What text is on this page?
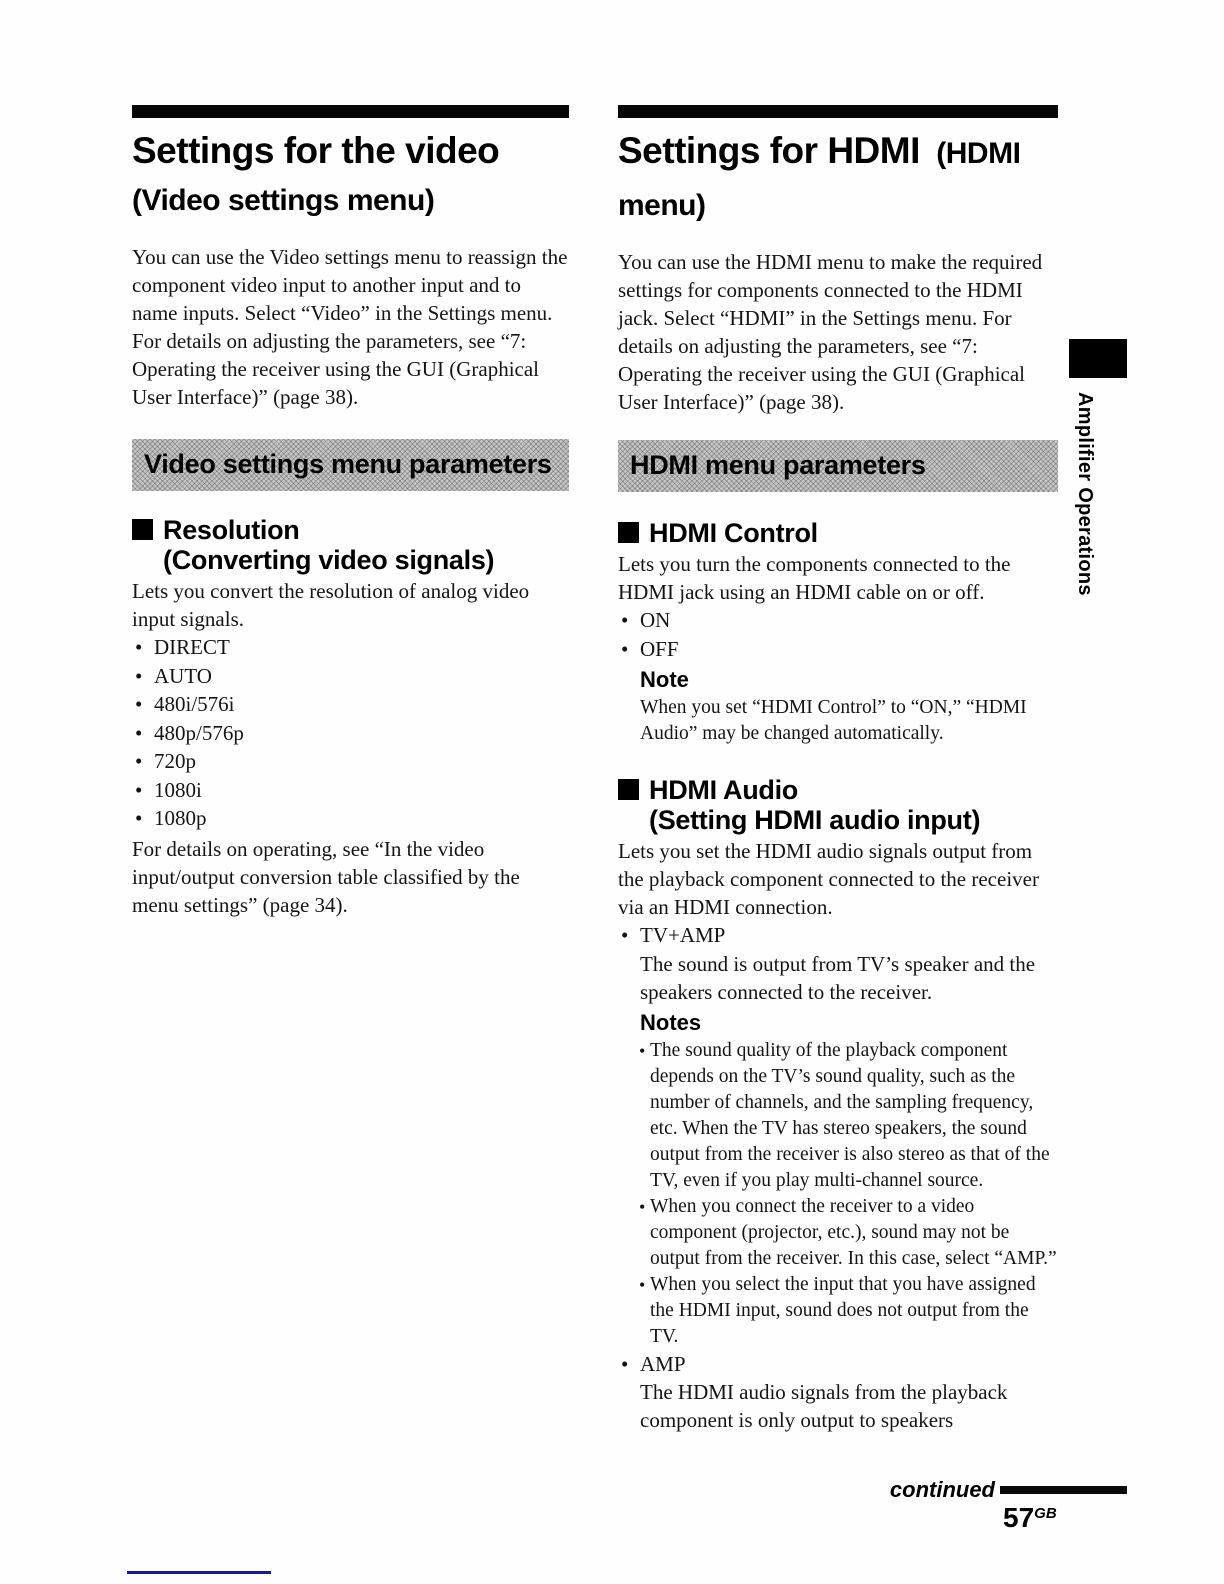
Settings for the video
(Video settings menu)

You can use the Video settings menu to reassign the component video input to another input and to name inputs. Select “Video” in the Settings menu. For details on adjusting the parameters, see “7: Operating the receiver using the GUI (Graphical User Interface)” (page 38).

Video settings menu parameters
Resolution
(Converting video signals)

Lets you convert the resolution of analog video input signals.

• DIRECT
• AUTO
• 480i/576i
• 480p/576p
• 720p
• 1080i
• 1080p

For details on operating, see “In the video input/output conversion table classified by the menu settings” (page 34).

Settings for HDMI (HDMI
menu)

You can use the HDMI menu to make the required settings for components connected to the HDMI jack. Select “HDMI” in the Settings menu. For details on adjusting the parameters, see “7: Operating the receiver using the GUI (Graphical User Interface)” (page 38).

HDMI menu parameters
HDMI Control

Lets you turn the components connected to the HDMI jack using an HDMI cable on or off.

• ON
• OFF
Note

When you set “HDMI Control” to “ON,” “HDMI Audio” may be changed automatically.

HDMI Audio
(Setting HDMI audio input)

Lets you set the HDMI audio signals output from the playback component connected to the receiver via an HDMI connection.

• TV+AMP

The sound is output from TV’s speaker and the speakers connected to the receiver.

Notes
• The sound quality of the playback component depends on the TV’s sound quality, such as the number of channels, and the sampling frequency, etc. When the TV has stereo speakers, the sound output from the receiver is also stereo as that of the TV, even if you play multi-channel source.
• When you connect the receiver to a video component (projector, etc.), sound may not be output from the receiver. In this case, select “AMP.”
• When you select the input that you have assigned the HDMI input, sound does not output from the TV.
• AMP

The HDMI audio signals from the playback component is only output to speakers

Amplifier Operations
continued
$57^{GB}$
